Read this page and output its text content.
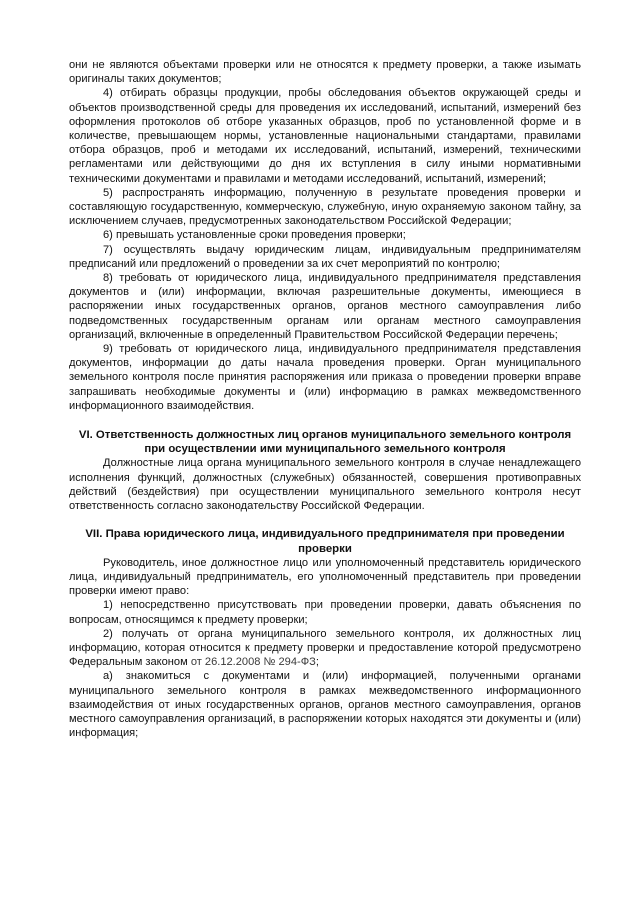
они не являются объектами проверки или не относятся к предмету проверки, а также изымать оригиналы таких документов;

4) отбирать образцы продукции, пробы обследования объектов окружающей среды и объектов производственной среды для проведения их исследований, испытаний, измерений без оформления протоколов об отборе указанных образцов, проб по установленной форме и в количестве, превышающем нормы, установленные национальными стандартами, правилами отбора образцов, проб и методами их исследований, испытаний, измерений, техническими регламентами или действующими до дня их вступления в силу иными нормативными техническими документами и правилами и методами исследований, испытаний, измерений;

5) распространять информацию, полученную в результате проведения проверки и составляющую государственную, коммерческую, служебную, иную охраняемую законом тайну, за исключением случаев, предусмотренных законодательством Российской Федерации;

6) превышать установленные сроки проведения проверки;

7) осуществлять выдачу юридическим лицам, индивидуальным предпринимателям предписаний или предложений о проведении за их счет мероприятий по контролю;

8) требовать от юридического лица, индивидуального предпринимателя представления документов и (или) информации, включая разрешительные документы, имеющиеся в распоряжении иных государственных органов, органов местного самоуправления либо подведомственных государственным органам или органам местного самоуправления организаций, включенные в определенный Правительством Российской Федерации перечень;

9) требовать от юридического лица, индивидуального предпринимателя представления документов, информации до даты начала проведения проверки. Орган муниципального земельного контроля после принятия распоряжения или приказа о проведении проверки вправе запрашивать необходимые документы и (или) информацию в рамках межведомственного информационного взаимодействия.

VI. Ответственность должностных лиц органов муниципального земельного контроля при осуществлении ими муниципального земельного контроля

Должностные лица органа муниципального земельного контроля в случае ненадлежащего исполнения функций, должностных (служебных) обязанностей, совершения противоправных действий (бездействия) при осуществлении муниципального земельного контроля несут ответственность согласно законодательству Российской Федерации.

VII. Права юридического лица, индивидуального предпринимателя при проведении проверки

Руководитель, иное должностное лицо или уполномоченный представитель юридического лица, индивидуальный предприниматель, его уполномоченный представитель при проведении проверки имеют право:

1) непосредственно присутствовать при проведении проверки, давать объяснения по вопросам, относящимся к предмету проверки;

2) получать от органа муниципального земельного контроля, их должностных лиц информацию, которая относится к предмету проверки и предоставление которой предусмотрено Федеральным законом от 26.12.2008 № 294-ФЗ;

а) знакомиться с документами и (или) информацией, полученными органами муниципального земельного контроля в рамках межведомственного информационного взаимодействия от иных государственных органов, органов местного самоуправления, органов местного самоуправления организаций, в распоряжении которых находятся эти документы и (или) информация;
